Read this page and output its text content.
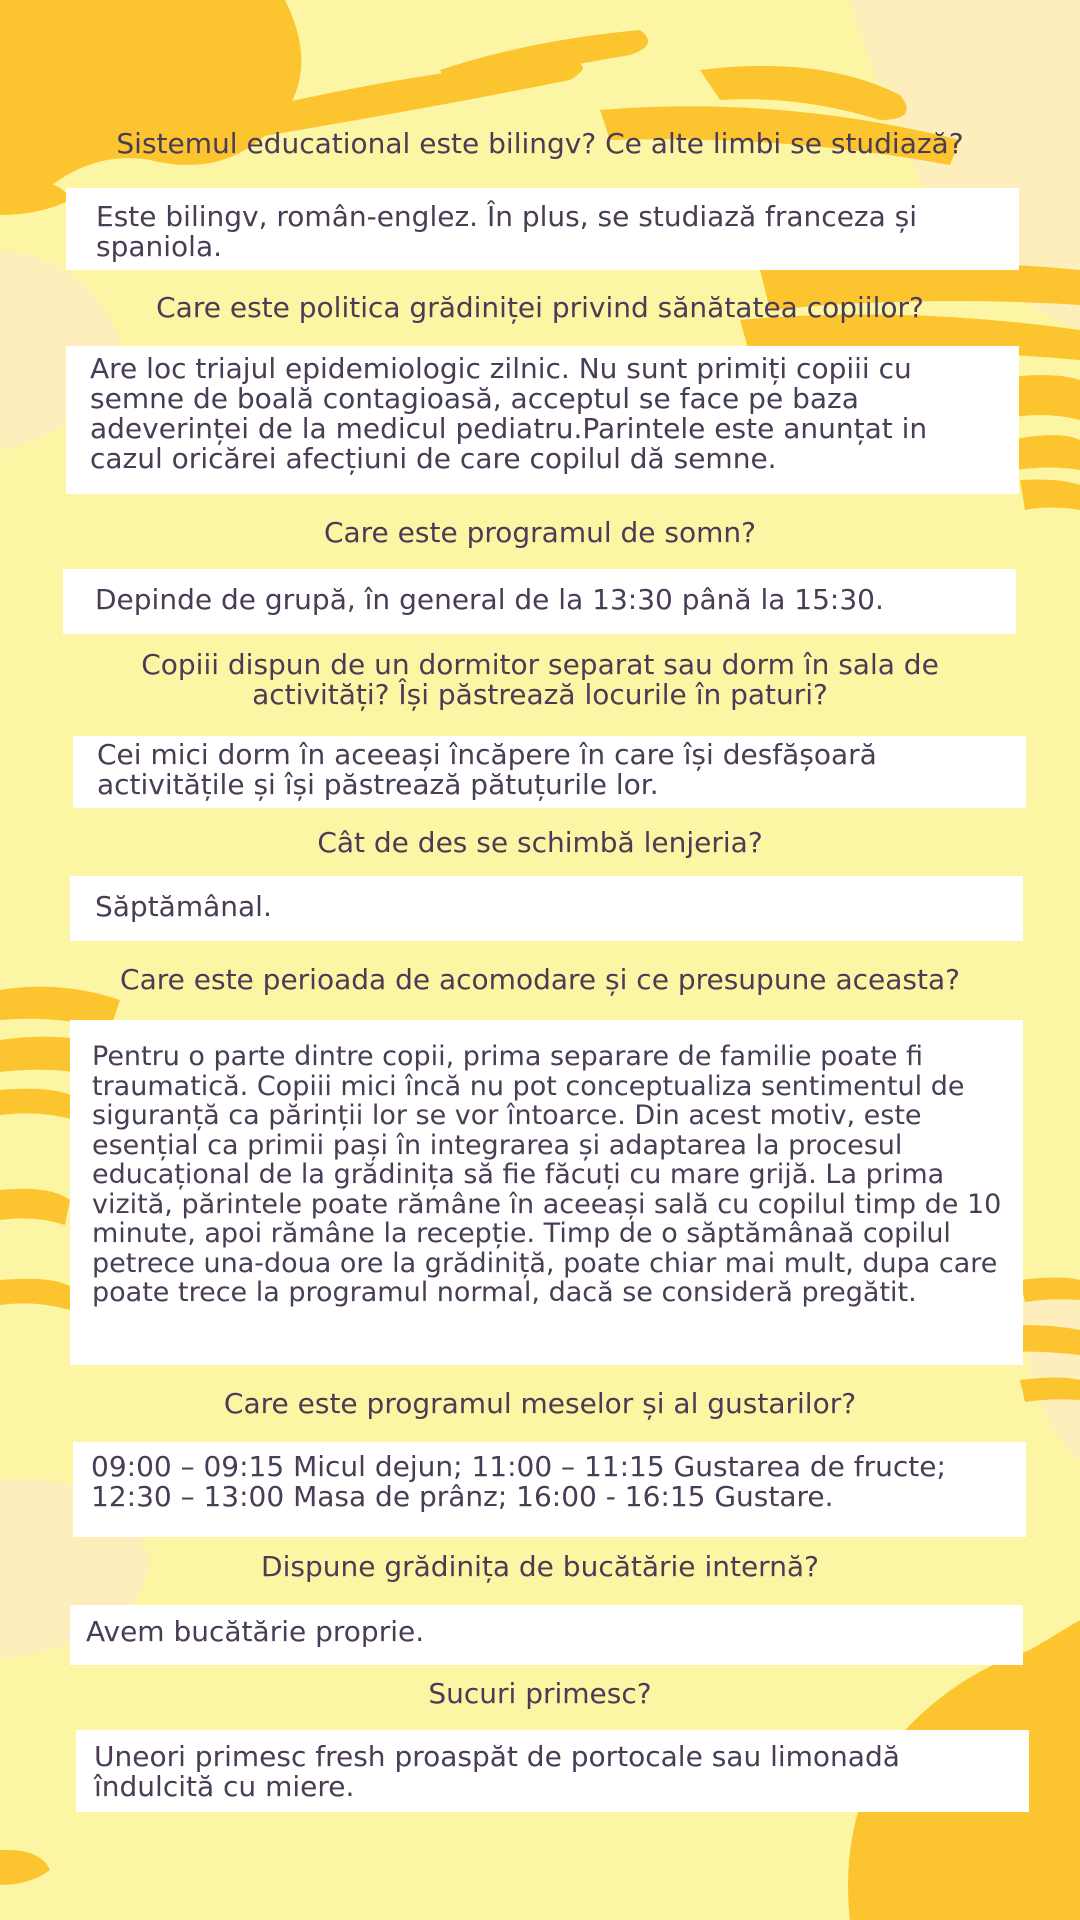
Sistemul educational este bilingv? Ce alte limbi se studiază?
Este bilingv, român-englez. În plus, se studiază franceza și spaniola.
Care este politica grădiniței privind sănătatea copiilor?
Are loc triajul epidemiologic zilnic. Nu sunt primiți copiii cu semne de boală contagioasă, acceptul se face pe baza adeverinței de la medicul pediatru.Parintele este anunțat in cazul oricărei afecțiuni de care copilul dă semne.
Care este programul de somn?
Depinde de grupă, în general de la 13:30 până la 15:30.
Copiii dispun de un dormitor separat sau dorm în sala de activități? Își păstrează locurile în paturi?
Cei mici dorm în aceeași încăpere în care își desfășoară activitățile și își păstrează pătuțurile lor.
Cât de des se schimbă lenjeria?
Săptămânal.
Care este perioada de acomodare și ce presupune aceasta?
Pentru o parte dintre copii, prima separare de familie poate fi traumatică. Copiii mici încă nu pot conceptualiza sentimentul de siguranță ca părinții lor se vor întoarce. Din acest motiv, este esențial ca primii pași în integrarea și adaptarea la procesul educațional de la grădinița să fie făcuți cu mare grijă. La prima vizită, părintele poate rămâne în aceeași sală cu copilul timp de 10 minute, apoi rămâne la recepție. Timp de o săptămânaă copilul petrece una-doua ore la grădiniță, poate chiar mai mult, dupa care poate trece la programul normal, dacă se consideră pregătit.
Care este programul meselor și al gustarilor?
09:00 – 09:15 Micul dejun; 11:00 – 11:15 Gustarea de fructe; 12:30 – 13:00 Masa de prânz; 16:00 - 16:15 Gustare.
Dispune grădinița de bucătărie internă?
Avem bucătărie proprie.
Sucuri primesc?
Uneori primesc fresh proaspăt de portocale sau limonadă îndulcită cu miere.
